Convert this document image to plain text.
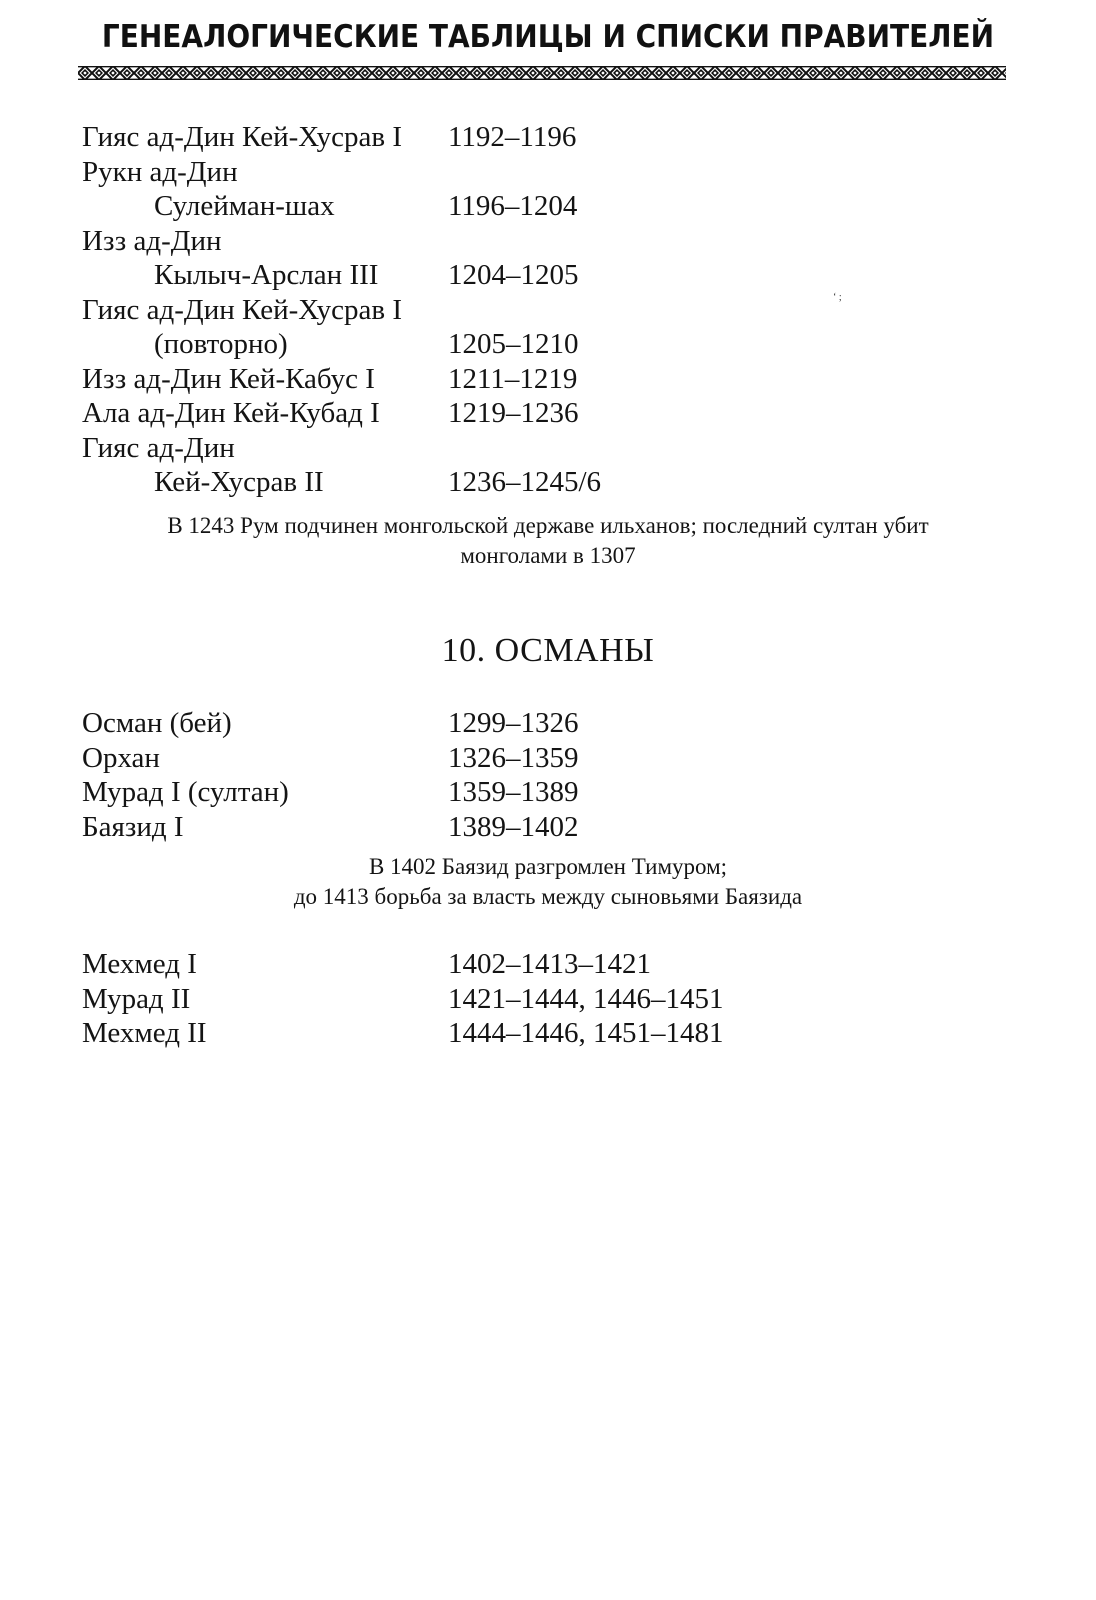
ГЕНЕАЛОГИЧЕСКИЕ ТАБЛИЦЫ И СПИСКИ ПРАВИТЕЛЕЙ
‘ ;
Гияс ад-Дин Кей-Хусрав I 1192–1196
Рукн ад-Дин
Сулейман-шах	1196–1204
Изз ад-Дин
Кылыч-Арслан III 1204–1205
Гияс ад-Дин Кей-Хусрав I
(повторно)	1205–1210
Изз ад-Дин Кей-Кабус I	1211–1219
Ала ад-Дин Кей-Кубад I 1219–1236
Гияс ад-Дин
Кей-Хусрав II	1236–1245/6
В 1243 Рум подчинен монгольской державе ильханов; последний султан убит
монголами в 1307
10. ОСМАНЫ
Осман (бей)	1299–1326
Орхан	1326–1359
Мурад I (султан)	1359–1389
Баязид I	1389–1402
В 1402 Баязид разгромлен Тимуром;
до 1413 борьба за власть между сыновьями Баязида
Мехмед I	1402–1413–1421
Мурад II	1421–1444, 1446–1451
Мехмед II	1444–1446, 1451–1481
